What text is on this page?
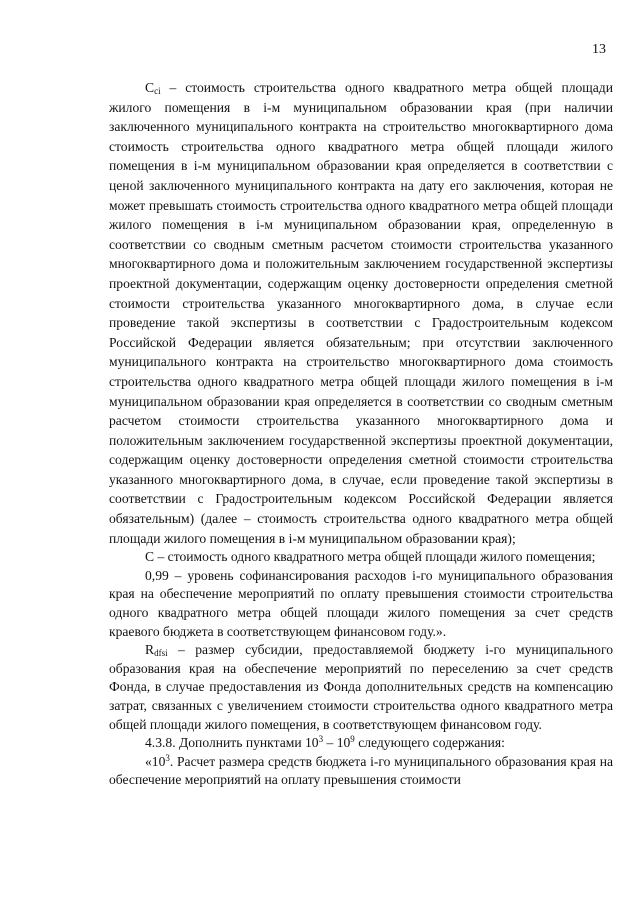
13

$C_{ci}$ – стоимость строительства одного квадратного метра общей площади жилого помещения в i-м муниципальном образовании края (при наличии заключенного муниципального контракта на строительство многоквартирного дома стоимость строительства одного квадратного метра общей площади жилого помещения в i-м муниципальном образовании края определяется в соответствии с ценой заключенного муниципального контракта на дату его заключения, которая не может превышать стоимость строительства одного квадратного метра общей площади жилого помещения в i-м муниципальном образовании края, определенную в соответствии со сводным сметным расчетом стоимости строительства указанного многоквартирного дома и положительным заключением государственной экспертизы проектной документации, содержащим оценку достоверности определения сметной стоимости строительства указанного многоквартирного дома, в случае если проведение такой экспертизы в соответствии с Градостроительным кодексом Российской Федерации является обязательным; при отсутствии заключенного муниципального контракта на строительство многоквартирного дома стоимость строительства одного квадратного метра общей площади жилого помещения в i-м муниципальном образовании края определяется в соответствии со сводным сметным расчетом стоимости строительства указанного многоквартирного дома и положительным заключением государственной экспертизы проектной документации, содержащим оценку достоверности определения сметной стоимости строительства указанного многоквартирного дома, в случае, если проведение такой экспертизы в соответствии с Градостроительным кодексом Российской Федерации является обязательным) (далее – стоимость строительства одного квадратного метра общей площади жилого помещения в i-м муниципальном образовании края);

С – стоимость одного квадратного метра общей площади жилого помещения;

0,99 – уровень софинансирования расходов i-го муниципального образования края на обеспечение мероприятий по оплату превышения стоимости строительства одного квадратного метра общей площади жилого помещения за счет средств краевого бюджета в соответствующем финансовом году.».

$R_{dfsi}$ – размер субсидии, предоставляемой бюджету i-го муниципального образования края на обеспечение мероприятий по переселению за счет средств Фонда, в случае предоставления из Фонда дополнительных средств на компенсацию затрат, связанных с увеличением стоимости строительства одного квадратного метра общей площади жилого помещения, в соответствующем финансовом году.

4.3.8. Дополнить пунктами $10^3 - 10^9$ следующего содержания:

«$10^3$. Расчет размера средств бюджета i-го муниципального образования края на обеспечение мероприятий на оплату превышения стоимости
